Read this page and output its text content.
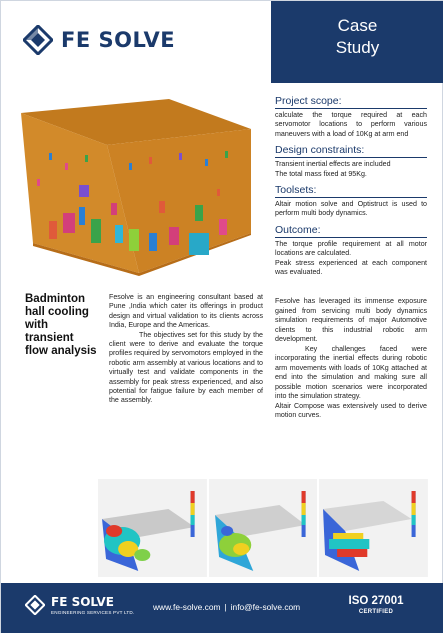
FE SOLVE
Case
Study
Project scope:
calculate the torque required at each servomotor locations to perform various maneuvers with a load of 10Kg at arm end
Design constraints:
Transient inertial effects are included
The total mass fixed at 95Kg.
Toolsets:
Altair motion solve and Optistruct is used to perform multi body dynamics.
Outcome:
The torque profile requirement at all motor locations are calculated.
Peak stress experienced at each component was evaluated.
Badminton
hall cooling
with
transient
flow analysis

Fesolve is an engineering consultant based at Pune ,India which cater its offerings in product design and virtual validation to its clients across India, Europe and the Americas.

The objectives set for this study by the client were to derive and evaluate the torque profiles required by servomotors employed in the robotic arm assembly at various locations and to virtually test and validate components in the assembly for peak stress experienced, and also potential for fatigue failure by each member of the assembly.

Fesolve has leveraged its immense exposure gained from servicing multi body dynamics simulation requirements of major Automotive clients to this industrial robotic arm development.

Key challenges faced were incorporating the inertial effects during robotic arm movements with loads of 10Kg attached at end into the simulation and making sure all possible motion scenarios were incorporated into the simulation strategy.

Altair Compose was extensively used to derive motion curves.

FE SOLVE
ENGINEERING SERVICES PVT LTD. www.fe-solve.com | info@fe-solve.com	ISO 27001
CERTIFIED
